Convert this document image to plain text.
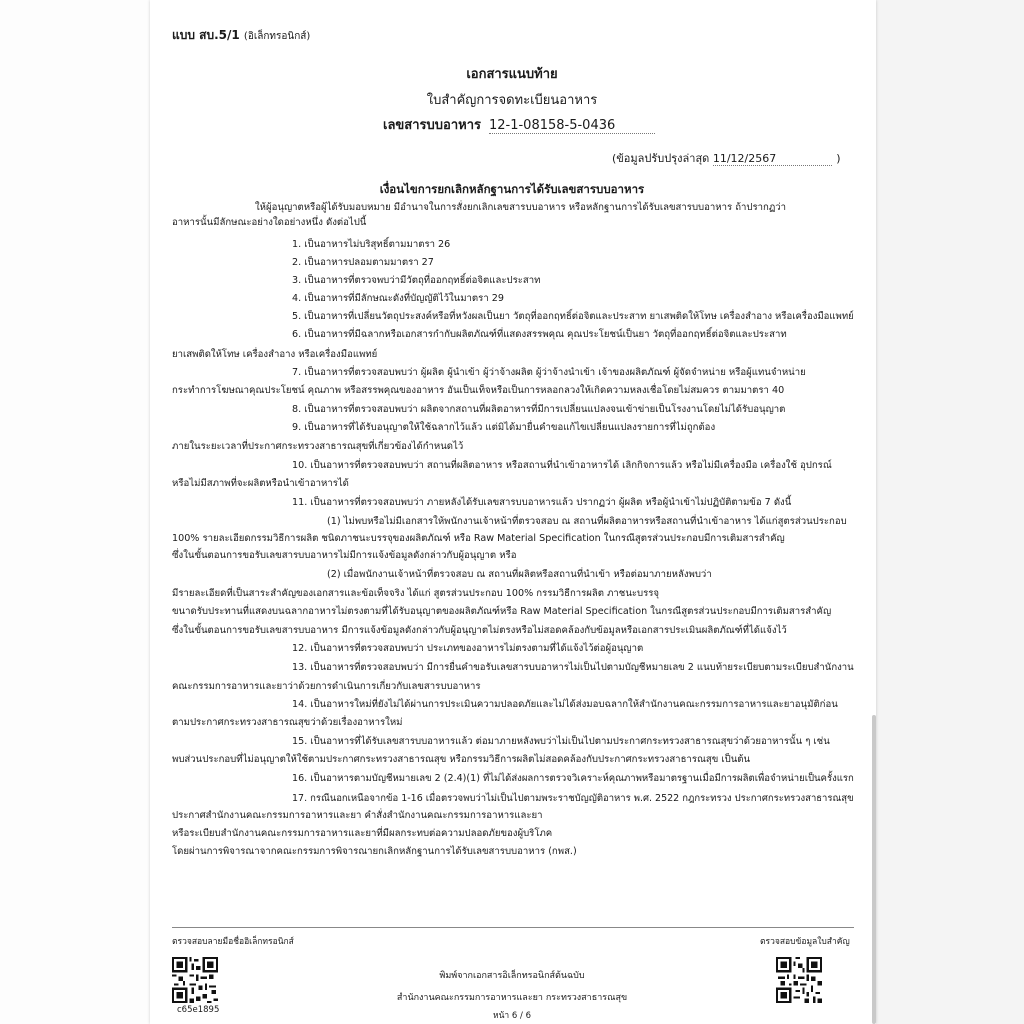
แบบ สบ.5/1 (อิเล็กทรอนิกส์)
เอกสารแนบท้าย
ใบสำคัญการจดทะเบียนอาหาร
เลขสารบบอาหาร 12-1-08158-5-0436
(ข้อมูลปรับปรุงล่าสุด 11/12/2567	)
เงื่อนไขการยกเลิกหลักฐานการได้รับเลขสารบบอาหาร
ให้ผู้อนุญาตหรือผู้ได้รับมอบหมาย มีอำนาจในการสั่งยกเลิกเลขสารบบอาหาร หรือหลักฐานการได้รับเลขสารบบอาหาร ถ้าปรากฏว่า
อาหารนั้นมีลักษณะอย่างใดอย่างหนึ่ง ดังต่อไปนี้
1. เป็นอาหารไม่บริสุทธิ์ตามมาตรา 26
2. เป็นอาหารปลอมตามมาตรา 27
3. เป็นอาหารที่ตรวจพบว่ามีวัตถุที่ออกฤทธิ์ต่อจิตและประสาท
4. เป็นอาหารที่มีลักษณะดังที่บัญญัติไว้ในมาตรา 29
5. เป็นอาหารที่เปลี่ยนวัตถุประสงค์หรือที่หวังผลเป็นยา วัตถุที่ออกฤทธิ์ต่อจิตและประสาท ยาเสพติดให้โทษ เครื่องสำอาง หรือเครื่องมือแพทย์
6. เป็นอาหารที่มีฉลากหรือเอกสารกำกับผลิตภัณฑ์ที่แสดงสรรพคุณ คุณประโยชน์เป็นยา วัตถุที่ออกฤทธิ์ต่อจิตและประสาท
ยาเสพติดให้โทษ เครื่องสำอาง หรือเครื่องมือแพทย์
7. เป็นอาหารที่ตรวจสอบพบว่า ผู้ผลิต ผู้นำเข้า ผู้ว่าจ้างผลิต ผู้ว่าจ้างนำเข้า เจ้าของผลิตภัณฑ์ ผู้จัดจำหน่าย หรือผู้แทนจำหน่าย
กระทำการโฆษณาคุณประโยชน์ คุณภาพ หรือสรรพคุณของอาหาร อันเป็นเท็จหรือเป็นการหลอกลวงให้เกิดความหลงเชื่อโดยไม่สมควร ตามมาตรา 40
8. เป็นอาหารที่ตรวจสอบพบว่า ผลิตจากสถานที่ผลิตอาหารที่มีการเปลี่ยนแปลงจนเข้าข่ายเป็นโรงงานโดยไม่ได้รับอนุญาต
9. เป็นอาหารที่ได้รับอนุญาตให้ใช้ฉลากไว้แล้ว แต่มิได้มายื่นคำขอแก้ไขเปลี่ยนแปลงรายการที่ไม่ถูกต้อง
ภายในระยะเวลาที่ประกาศกระทรวงสาธารณสุขที่เกี่ยวข้องได้กำหนดไว้
10. เป็นอาหารที่ตรวจสอบพบว่า สถานที่ผลิตอาหาร หรือสถานที่นำเข้าอาหารได้ เลิกกิจการแล้ว หรือไม่มีเครื่องมือ เครื่องใช้ อุปกรณ์
หรือไม่มีสภาพที่จะผลิตหรือนำเข้าอาหารได้
11. เป็นอาหารที่ตรวจสอบพบว่า ภายหลังได้รับเลขสารบบอาหารแล้ว ปรากฏว่า ผู้ผลิต หรือผู้นำเข้าไม่ปฏิบัติตามข้อ 7 ดังนี้
(1) ไม่พบหรือไม่มีเอกสารให้พนักงานเจ้าหน้าที่ตรวจสอบ ณ สถานที่ผลิตอาหารหรือสถานที่นำเข้าอาหาร ได้แก่สูตรส่วนประกอบ
100% รายละเอียดกรรมวิธีการผลิต ชนิดภาชนะบรรจุของผลิตภัณฑ์ หรือ Raw Material Specification ในกรณีสูตรส่วนประกอบมีการเติมสารสำคัญ
ซึ่งในขั้นตอนการขอรับเลขสารบบอาหารไม่มีการแจ้งข้อมูลดังกล่าวกับผู้อนุญาต หรือ
(2) เมื่อพนักงานเจ้าหน้าที่ตรวจสอบ ณ สถานที่ผลิตหรือสถานที่นำเข้า หรือต่อมาภายหลังพบว่า
มีรายละเอียดที่เป็นสาระสำคัญของเอกสารและข้อเท็จจริง ได้แก่ สูตรส่วนประกอบ 100% กรรมวิธีการผลิต ภาชนะบรรจุ
ขนาดรับประทานที่แสดงบนฉลากอาหารไม่ตรงตามที่ได้รับอนุญาตของผลิตภัณฑ์หรือ Raw Material Specification ในกรณีสูตรส่วนประกอบมีการเติมสารสำคัญ
ซึ่งในขั้นตอนการขอรับเลขสารบบอาหาร มีการแจ้งข้อมูลดังกล่าวกับผู้อนุญาตไม่ตรงหรือไม่สอดคล้องกับข้อมูลหรือเอกสารประเมินผลิตภัณฑ์ที่ได้แจ้งไว้
12. เป็นอาหารที่ตรวจสอบพบว่า ประเภทของอาหารไม่ตรงตามที่ได้แจ้งไว้ต่อผู้อนุญาต
13. เป็นอาหารที่ตรวจสอบพบว่า มีการยื่นคำขอรับเลขสารบบอาหารไม่เป็นไปตามบัญชีหมายเลข 2 แนบท้ายระเบียบตามระเบียบสำนักงาน
คณะกรรมการอาหารและยาว่าด้วยการดำเนินการเกี่ยวกับเลขสารบบอาหาร
14. เป็นอาหารใหม่ที่ยังไม่ได้ผ่านการประเมินความปลอดภัยและไม่ได้ส่งมอบฉลากให้สำนักงานคณะกรรมการอาหารและยาอนุมัติก่อน
ตามประกาศกระทรวงสาธารณสุขว่าด้วยเรื่องอาหารใหม่
15. เป็นอาหารที่ได้รับเลขสารบบอาหารแล้ว ต่อมาภายหลังพบว่าไม่เป็นไปตามประกาศกระทรวงสาธารณสุขว่าด้วยอาหารนั้น ๆ เช่น
พบส่วนประกอบที่ไม่อนุญาตให้ใช้ตามประกาศกระทรวงสาธารณสุข หรือกรรมวิธีการผลิตไม่สอดคล้องกับประกาศกระทรวงสาธารณสุข เป็นต้น
16. เป็นอาหารตามบัญชีหมายเลข 2 (2.4)(1) ที่ไม่ได้ส่งผลการตรวจวิเคราะห์คุณภาพหรือมาตรฐานเมื่อมีการผลิตเพื่อจำหน่ายเป็นครั้งแรก
17. กรณีนอกเหนือจากข้อ 1-16 เมื่อตรวจพบว่าไม่เป็นไปตามพระราชบัญญัติอาหาร พ.ศ. 2522 กฎกระทรวง ประกาศกระทรวงสาธารณสุข
ประกาศสำนักงานคณะกรรมการอาหารและยา คำสั่งสำนักงานคณะกรรมการอาหารและยา
หรือระเบียบสำนักงานคณะกรรมการอาหารและยาที่มีผลกระทบต่อความปลอดภัยของผู้บริโภค
โดยผ่านการพิจารณาจากคณะกรรมการพิจารณายกเลิกหลักฐานการได้รับเลขสารบบอาหาร (กพส.)
ตรวจสอบลายมือชื่ออิเล็กทรอนิกส์	ตรวจสอบข้อมูลใบสำคัญ
c65e1895
พิมพ์จากเอกสารอิเล็กทรอนิกส์ต้นฉบับ
สำนักงานคณะกรรมการอาหารและยา กระทรวงสาธารณสุข
หน้า 6 / 6
